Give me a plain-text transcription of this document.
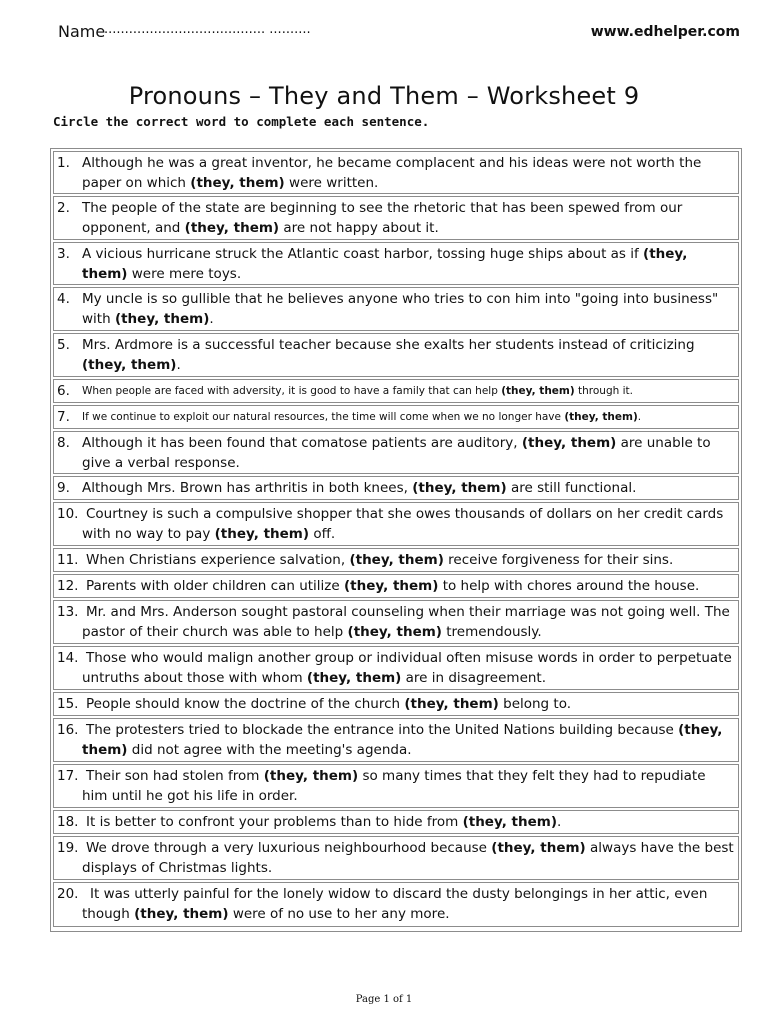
Name
....................................... ..........	www.edhelper.com
Pronouns – They and Them – Worksheet 9
Circle the correct word to complete each sentence.
1. Although he was a great inventor, he became complacent and his ideas were not worth the paper on which (they, them) were written.
2. The people of the state are beginning to see the rhetoric that has been spewed from our opponent, and (they, them) are not happy about it.
3. A vicious hurricane struck the Atlantic coast harbor, tossing huge ships about as if (they, them) were mere toys.
4. My uncle is so gullible that he believes anyone who tries to con him into "going into business" with (they, them).
5. Mrs. Ardmore is a successful teacher because she exalts her students instead of criticizing (they, them).
6. When people are faced with adversity, it is good to have a family that can help (they, them) through it.
7. If we continue to exploit our natural resources, the time will come when we no longer have (they, them).
8. Although it has been found that comatose patients are auditory, (they, them) are unable to give a verbal response.
9. Although Mrs. Brown has arthritis in both knees, (they, them) are still functional.
10. Courtney is such a compulsive shopper that she owes thousands of dollars on her credit cards with no way to pay (they, them) off.
11. When Christians experience salvation, (they, them) receive forgiveness for their sins.
12. Parents with older children can utilize (they, them) to help with chores around the house.
13. Mr. and Mrs. Anderson sought pastoral counseling when their marriage was not going well. The pastor of their church was able to help (they, them) tremendously.
14. Those who would malign another group or individual often misuse words in order to perpetuate untruths about those with whom (they, them) are in disagreement.
15. People should know the doctrine of the church (they, them) belong to.
16. The protesters tried to blockade the entrance into the United Nations building because (they, them) did not agree with the meeting's agenda.
17. Their son had stolen from (they, them) so many times that they felt they had to repudiate him until he got his life in order.
18. It is better to confront your problems than to hide from (they, them).
19. We drove through a very luxurious neighbourhood because (they, them) always have the best displays of Christmas lights.
20. It was utterly painful for the lonely widow to discard the dusty belongings in her attic, even though (they, them) were of no use to her any more.
Page 1 of 1
